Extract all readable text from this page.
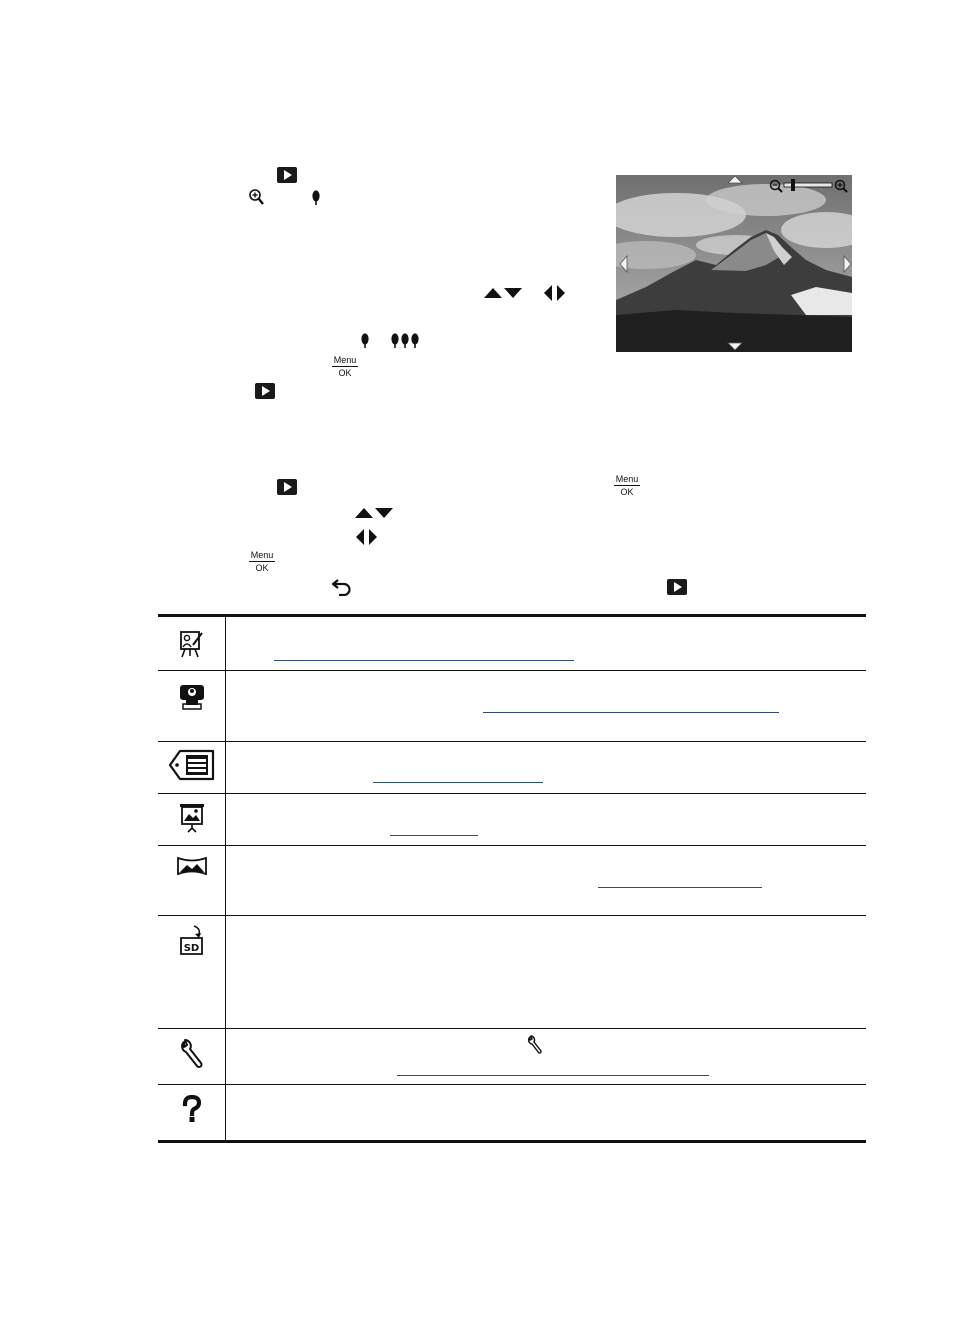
Menu
OK
Menu
OK
Menu
OK
SD
